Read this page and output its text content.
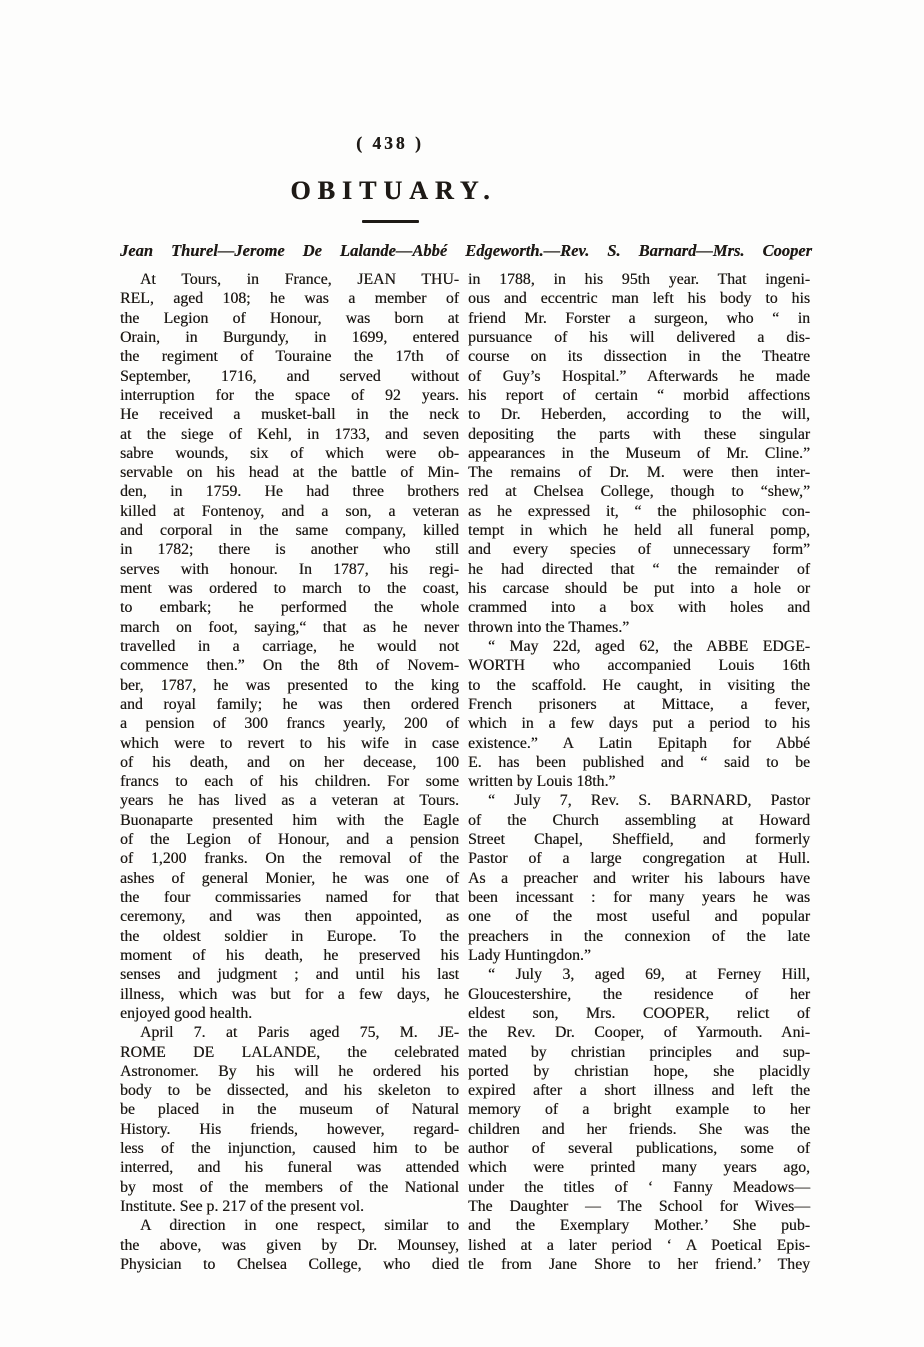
( 438 )
OBITUARY.
Jean Thurel—Jerome De Lalande—Abbé Edgeworth.—Rev. S. Barnard—Mrs. Cooper
At Tours, in France, JEAN THU-
REL, aged 108; he was a member of
the Legion of Honour, was born at
Orain, in Burgundy, in 1699, entered
the regiment of Touraine the 17th of
September, 1716, and served without
interruption for the space of 92 years.
He received a musket-ball in the neck
at the siege of Kehl, in 1733, and seven
sabre wounds, six of which were ob-
servable on his head at the battle of Min-
den, in 1759. He had three brothers
killed at Fontenoy, and a son, a veteran
and corporal in the same company, killed
in 1782; there is another who still
serves with honour. In 1787, his regi-
ment was ordered to march to the coast,
to embark; he performed the whole
march on foot, saying,“ that as he never
travelled in a carriage, he would not
commence then.” On the 8th of Novem-
ber, 1787, he was presented to the king
and royal family; he was then ordered
a pension of 300 francs yearly, 200 of
which were to revert to his wife in case
of his death, and on her decease, 100
francs to each of his children. For some
years he has lived as a veteran at Tours.
Buonaparte presented him with the Eagle
of the Legion of Honour, and a pension
of 1,200 franks. On the removal of the
ashes of general Monier, he was one of
the four commissaries named for that
ceremony, and was then appointed, as
the oldest soldier in Europe. To the
moment of his death, he preserved his
senses and judgment ; and until his last
illness, which was but for a few days, he
enjoyed good health.
April 7. at Paris aged 75, M. JE-
ROME DE LALANDE, the celebrated
Astronomer. By his will he ordered his
body to be dissected, and his skeleton to
be placed in the museum of Natural
History. His friends, however, regard-
less of the injunction, caused him to be
interred, and his funeral was attended
by most of the members of the National
Institute. See p. 217 of the present vol.
A direction in one respect, similar to
the above, was given by Dr. Mounsey,
Physician to Chelsea College, who died
in 1788, in his 95th year. That ingeni-
ous and eccentric man left his body to his
friend Mr. Forster a surgeon, who “ in
pursuance of his will delivered a dis-
course on its dissection in the Theatre
of Guy’s Hospital.” Afterwards he made
his report of certain “ morbid affections
to Dr. Heberden, according to the will,
depositing the parts with these singular
appearances in the Museum of Mr. Cline.”
The remains of Dr. M. were then inter-
red at Chelsea College, though to “shew,”
as he expressed it, “ the philosophic con-
tempt in which he held all funeral pomp,
and every species of unnecessary form”
he had directed that “ the remainder of
his carcase should be put into a hole or
crammed into a box with holes and
thrown into the Thames.”
“ May 22d, aged 62, the ABBE EDGE-
WORTH who accompanied Louis 16th
to the scaffold. He caught, in visiting the
French prisoners at Mittace, a fever,
which in a few days put a period to his
existence.” A Latin Epitaph for Abbé
E. has been published and “ said to be
written by Louis 18th.”
“ July 7, Rev. S. BARNARD, Pastor
of the Church assembling at Howard
Street Chapel, Sheffield, and formerly
Pastor of a large congregation at Hull.
As a preacher and writer his labours have
been incessant : for many years he was
one of the most useful and popular
preachers in the connexion of the late
Lady Huntingdon.”
“ July 3, aged 69, at Ferney Hill,
Gloucestershire, the residence of her
eldest son, Mrs. COOPER, relict of
the Rev. Dr. Cooper, of Yarmouth. Ani-
mated by christian principles and sup-
ported by christian hope, she placidly
expired after a short illness and left the
memory of a bright example to her
children and her friends. She was the
author of several publications, some of
which were printed many years ago,
under the titles of ‘ Fanny Meadows—
The Daughter — The School for Wives—
and the Exemplary Mother.’ She pub-
lished at a later period ‘ A Poetical Epis-
tle from Jane Shore to her friend.’ They
